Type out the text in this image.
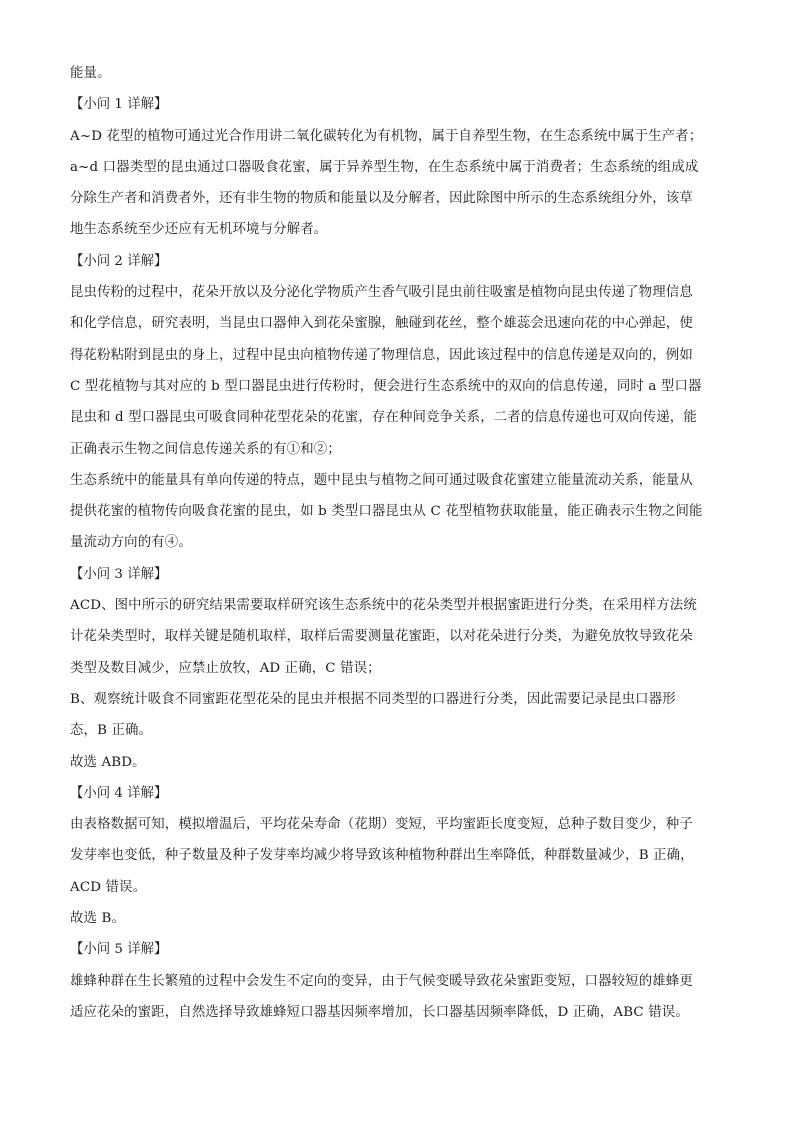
能量。
【小问 1 详解】
A~D 花型的植物可通过光合作用讲二氧化碳转化为有机物，属于自养型生物，在生态系统中属于生产者；
a~d 口器类型的昆虫通过口器吸食花蜜，属于异养型生物，在生态系统中属于消费者；生态系统的组成成
分除生产者和消费者外，还有非生物的物质和能量以及分解者，因此除图中所示的生态系统组分外，该草
地生态系统至少还应有无机环境与分解者。
【小问 2 详解】
昆虫传粉的过程中，花朵开放以及分泌化学物质产生香气吸引昆虫前往吸蜜是植物向昆虫传递了物理信息
和化学信息，研究表明，当昆虫口器伸入到花朵蜜腺，触碰到花丝，整个雄蕊会迅速向花的中心弹起，使
得花粉粘附到昆虫的身上，过程中昆虫向植物传递了物理信息，因此该过程中的信息传递是双向的，例如
C 型花植物与其对应的 b 型口器昆虫进行传粉时，便会进行生态系统中的双向的信息传递，同时 a 型口器
昆虫和 d 型口器昆虫可吸食同种花型花朵的花蜜，存在种间竞争关系，二者的信息传递也可双向传递，能
正确表示生物之间信息传递关系的有①和②；
生态系统中的能量具有单向传递的特点，题中昆虫与植物之间可通过吸食花蜜建立能量流动关系，能量从
提供花蜜的植物传向吸食花蜜的昆虫，如 b 类型口器昆虫从 C 花型植物获取能量，能正确表示生物之间能
量流动方向的有④。
【小问 3 详解】
ACD、图中所示的研究结果需要取样研究该生态系统中的花朵类型并根据蜜距进行分类，在采用样方法统
计花朵类型时，取样关键是随机取样，取样后需要测量花蜜距，以对花朵进行分类，为避免放牧导致花朵
类型及数目减少，应禁止放牧，AD 正确，C 错误；
B、观察统计吸食不同蜜距花型花朵的昆虫并根据不同类型的口器进行分类，因此需要记录昆虫口器形
态，B 正确。
故选 ABD。
【小问 4 详解】
由表格数据可知，模拟增温后，平均花朵寿命（花期）变短，平均蜜距长度变短，总种子数目变少，种子
发芽率也变低，种子数量及种子发芽率均减少将导致该种植物种群出生率降低，种群数量减少，B 正确，
ACD 错误。
故选 B。
【小问 5 详解】
雄蜂种群在生长繁殖的过程中会发生不定向的变异，由于气候变暖导致花朵蜜距变短，口器较短的雄蜂更
适应花朵的蜜距，自然选择导致雄蜂短口器基因频率增加，长口器基因频率降低，D 正确，ABC 错误。
